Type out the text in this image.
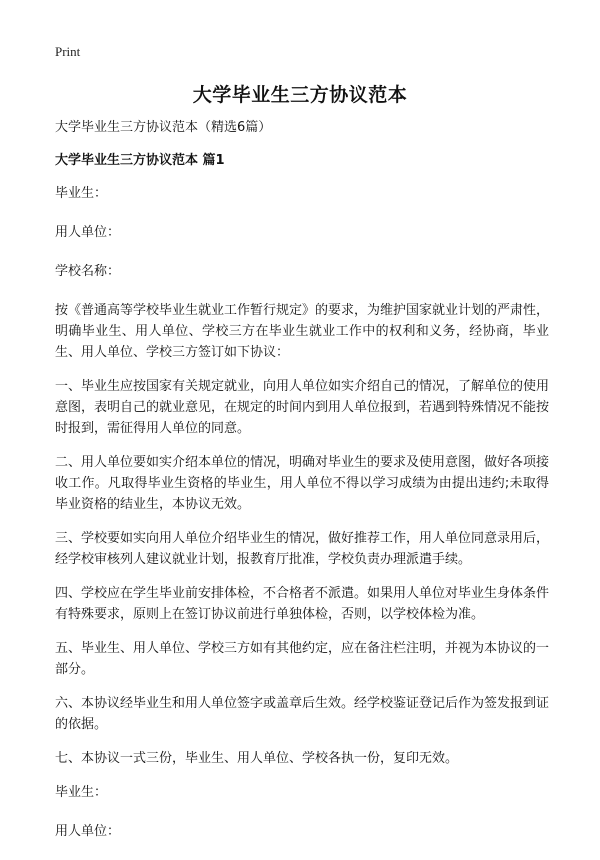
Print
大学毕业生三方协议范本

大学毕业生三方协议范本（精选6篇）

大学毕业生三方协议范本 篇1

毕业生：

用人单位：

学校名称：

按《普通高等学校毕业生就业工作暂行规定》的要求，为维护国家就业计划的严肃性，明确毕业生、用人单位、学校三方在毕业生就业工作中的权利和义务，经协商，毕业生、用人单位、学校三方签订如下协议：

一、毕业生应按国家有关规定就业，向用人单位如实介绍自己的情况，了解单位的使用意图，表明自己的就业意见，在规定的时间内到用人单位报到，若遇到特殊情况不能按时报到，需征得用人单位的同意。

二、用人单位要如实介绍本单位的情况，明确对毕业生的要求及使用意图，做好各项接收工作。凡取得毕业生资格的毕业生，用人单位不得以学习成绩为由提出违约;未取得毕业资格的结业生，本协议无效。

三、学校要如实向用人单位介绍毕业生的情况，做好推荐工作，用人单位同意录用后，经学校审核列人建议就业计划，报教育厅批准，学校负责办理派遣手续。

四、学校应在学生毕业前安排体检，不合格者不派遣。如果用人单位对毕业生身体条件有特殊要求，原则上在签订协议前进行单独体检，否则，以学校体检为准。

五、毕业生、用人单位、学校三方如有其他约定，应在备注栏注明，并视为本协议的一部分。

六、本协议经毕业生和用人单位签字或盖章后生效。经学校鉴证登记后作为签发报到证的依据。

七、本协议一式三份，毕业生、用人单位、学校各执一份，复印无效。

毕业生：

用人单位：
